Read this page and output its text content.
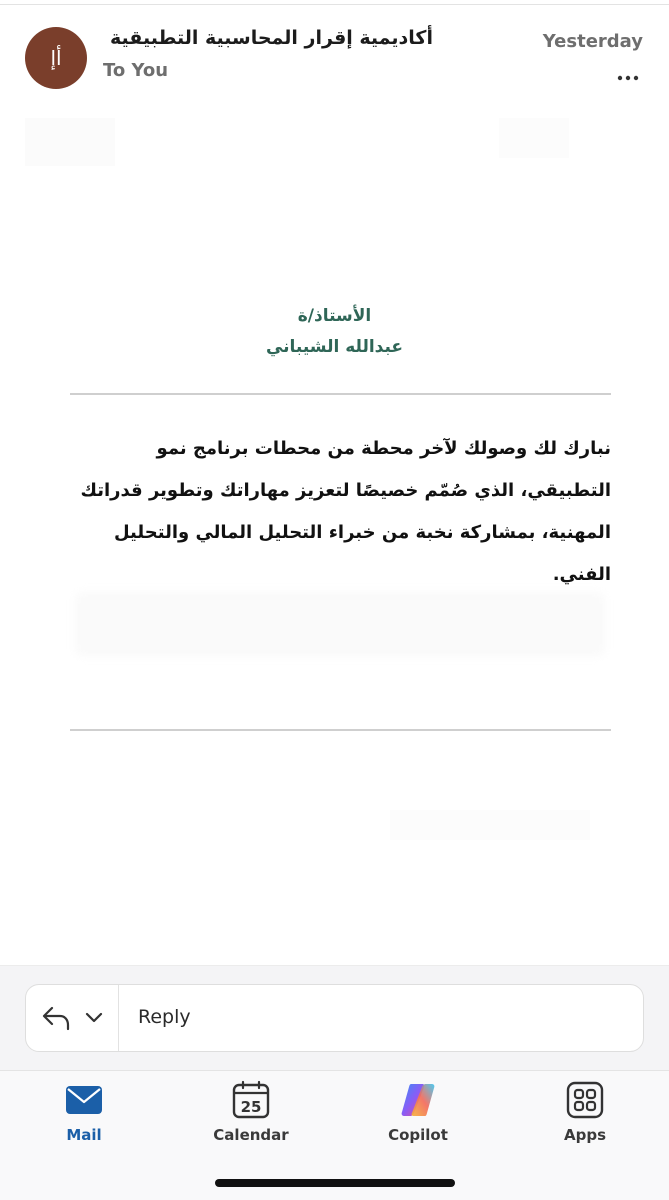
أإ
أكاديمية إقرار المحاسبية التطبيقية
To You
Yesterday
الأستاذ/ة
عبدالله الشيباني
نبارك لك وصولك لآخر محطة من محطات برنامج نمو التطبيقي، الذي صُمّم خصيصًا لتعزيز مهاراتك وتطوير قدراتك المهنية، بمشاركة نخبة من خبراء التحليل المالي والتحليل الفني.
Reply
Mail
25
Calendar	Copilot	Apps
